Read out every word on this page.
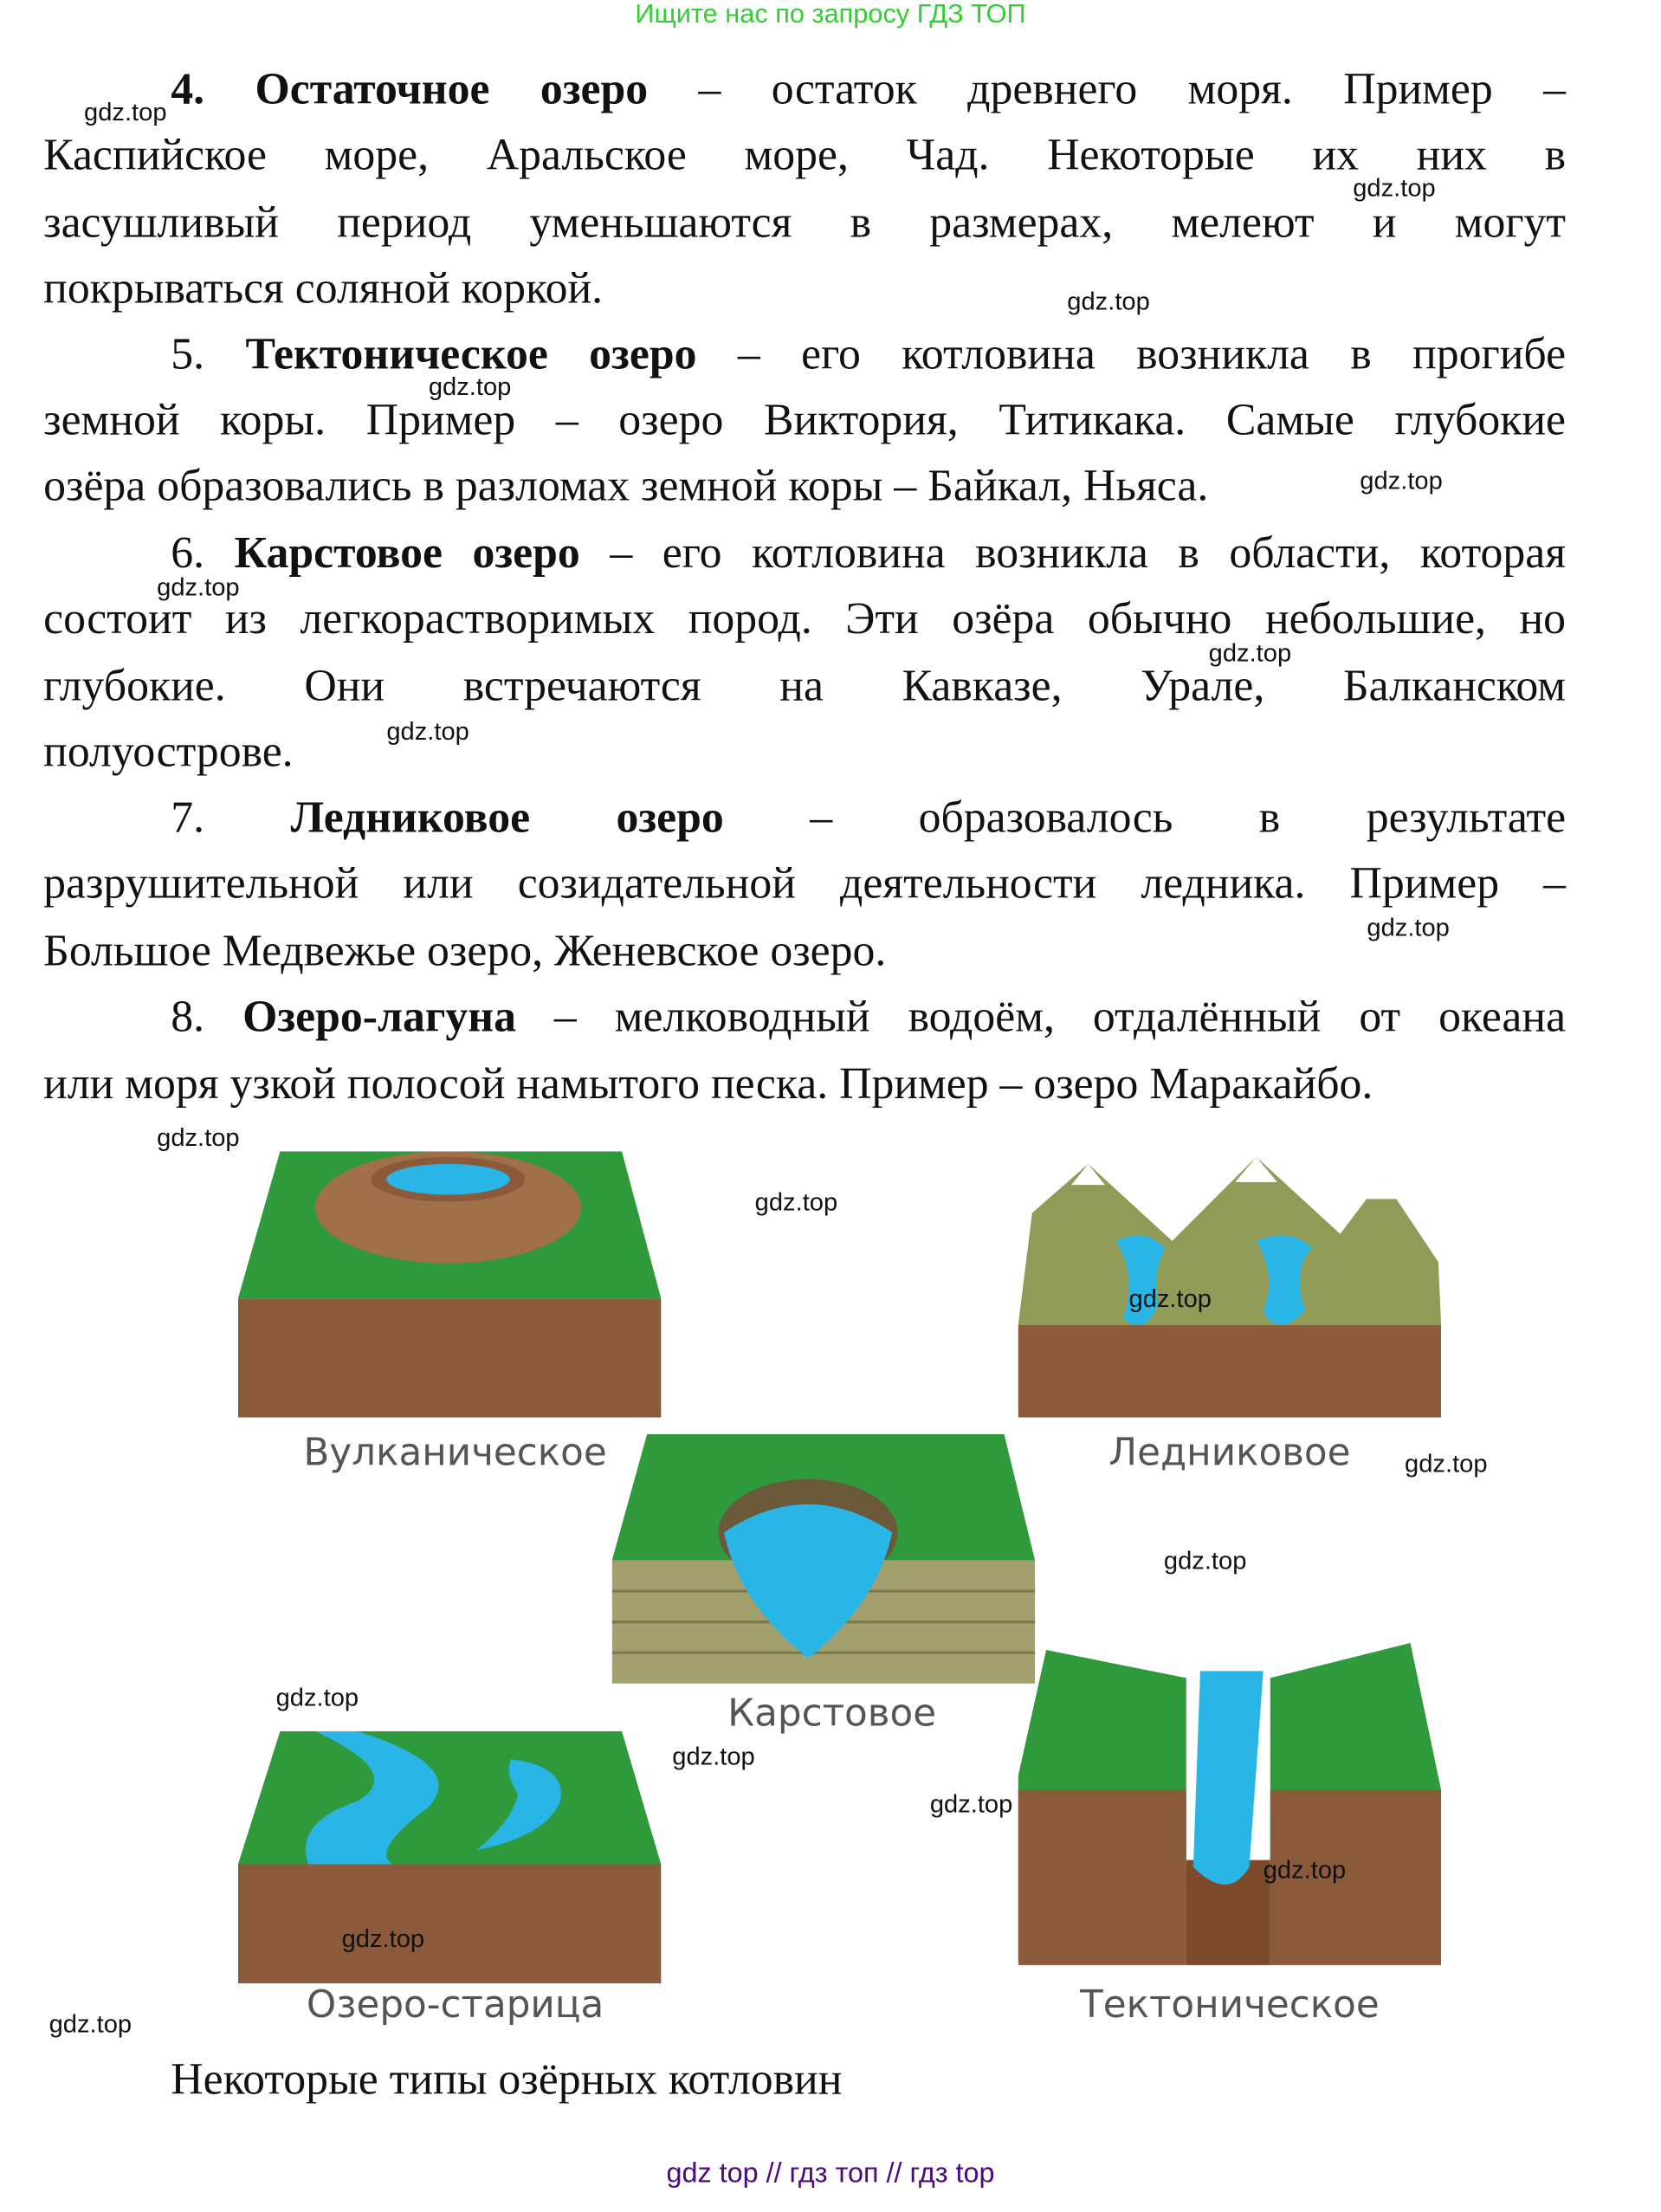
Ищите нас по запросу ГДЗ ТОП
4. Остаточное озеро – остаток древнего моря. Пример –
Каспийское море, Аральское море, Чад. Некоторые их них в
засушливый период уменьшаются в размерах, мелеют и могут
покрываться соляной коркой.
5. Тектоническое озеро – его котловина возникла в прогибе
земной коры. Пример – озеро Виктория, Титикака. Самые глубокие
озёра образовались в разломах земной коры – Байкал, Ньяса.
6. Карстовое озеро – его котловина возникла в области, которая
состоит из легкорастворимых пород. Эти озёра обычно небольшие, но
глубокие. Они встречаются на Кавказе, Урале, Балканском
полуострове.
7. Ледниковое озеро – образовалось в результате
разрушительной или созидательной деятельности ледника. Пример –
Большое Медвежье озеро, Женевское озеро.
8. Озеро-лагуна – мелководный водоём, отдалённый от океана
или моря узкой полосой намытого песка. Пример – озеро Маракайбо.
Вулканическое	Ледниковое
Карстовое
Озеро-старица	Тектоническое
Некоторые типы озёрных котловин
gdz top // гдз топ // гдз top
gdz.top
gdz.top
gdz.top
gdz.top
gdz.top
gdz.top
gdz.top
gdz.top
gdz.top
gdz.top
gdz.top
gdz.top
gdz.top
gdz.top
gdz.top
gdz.top
gdz.top
gdz.top
gdz.top
gdz.top
